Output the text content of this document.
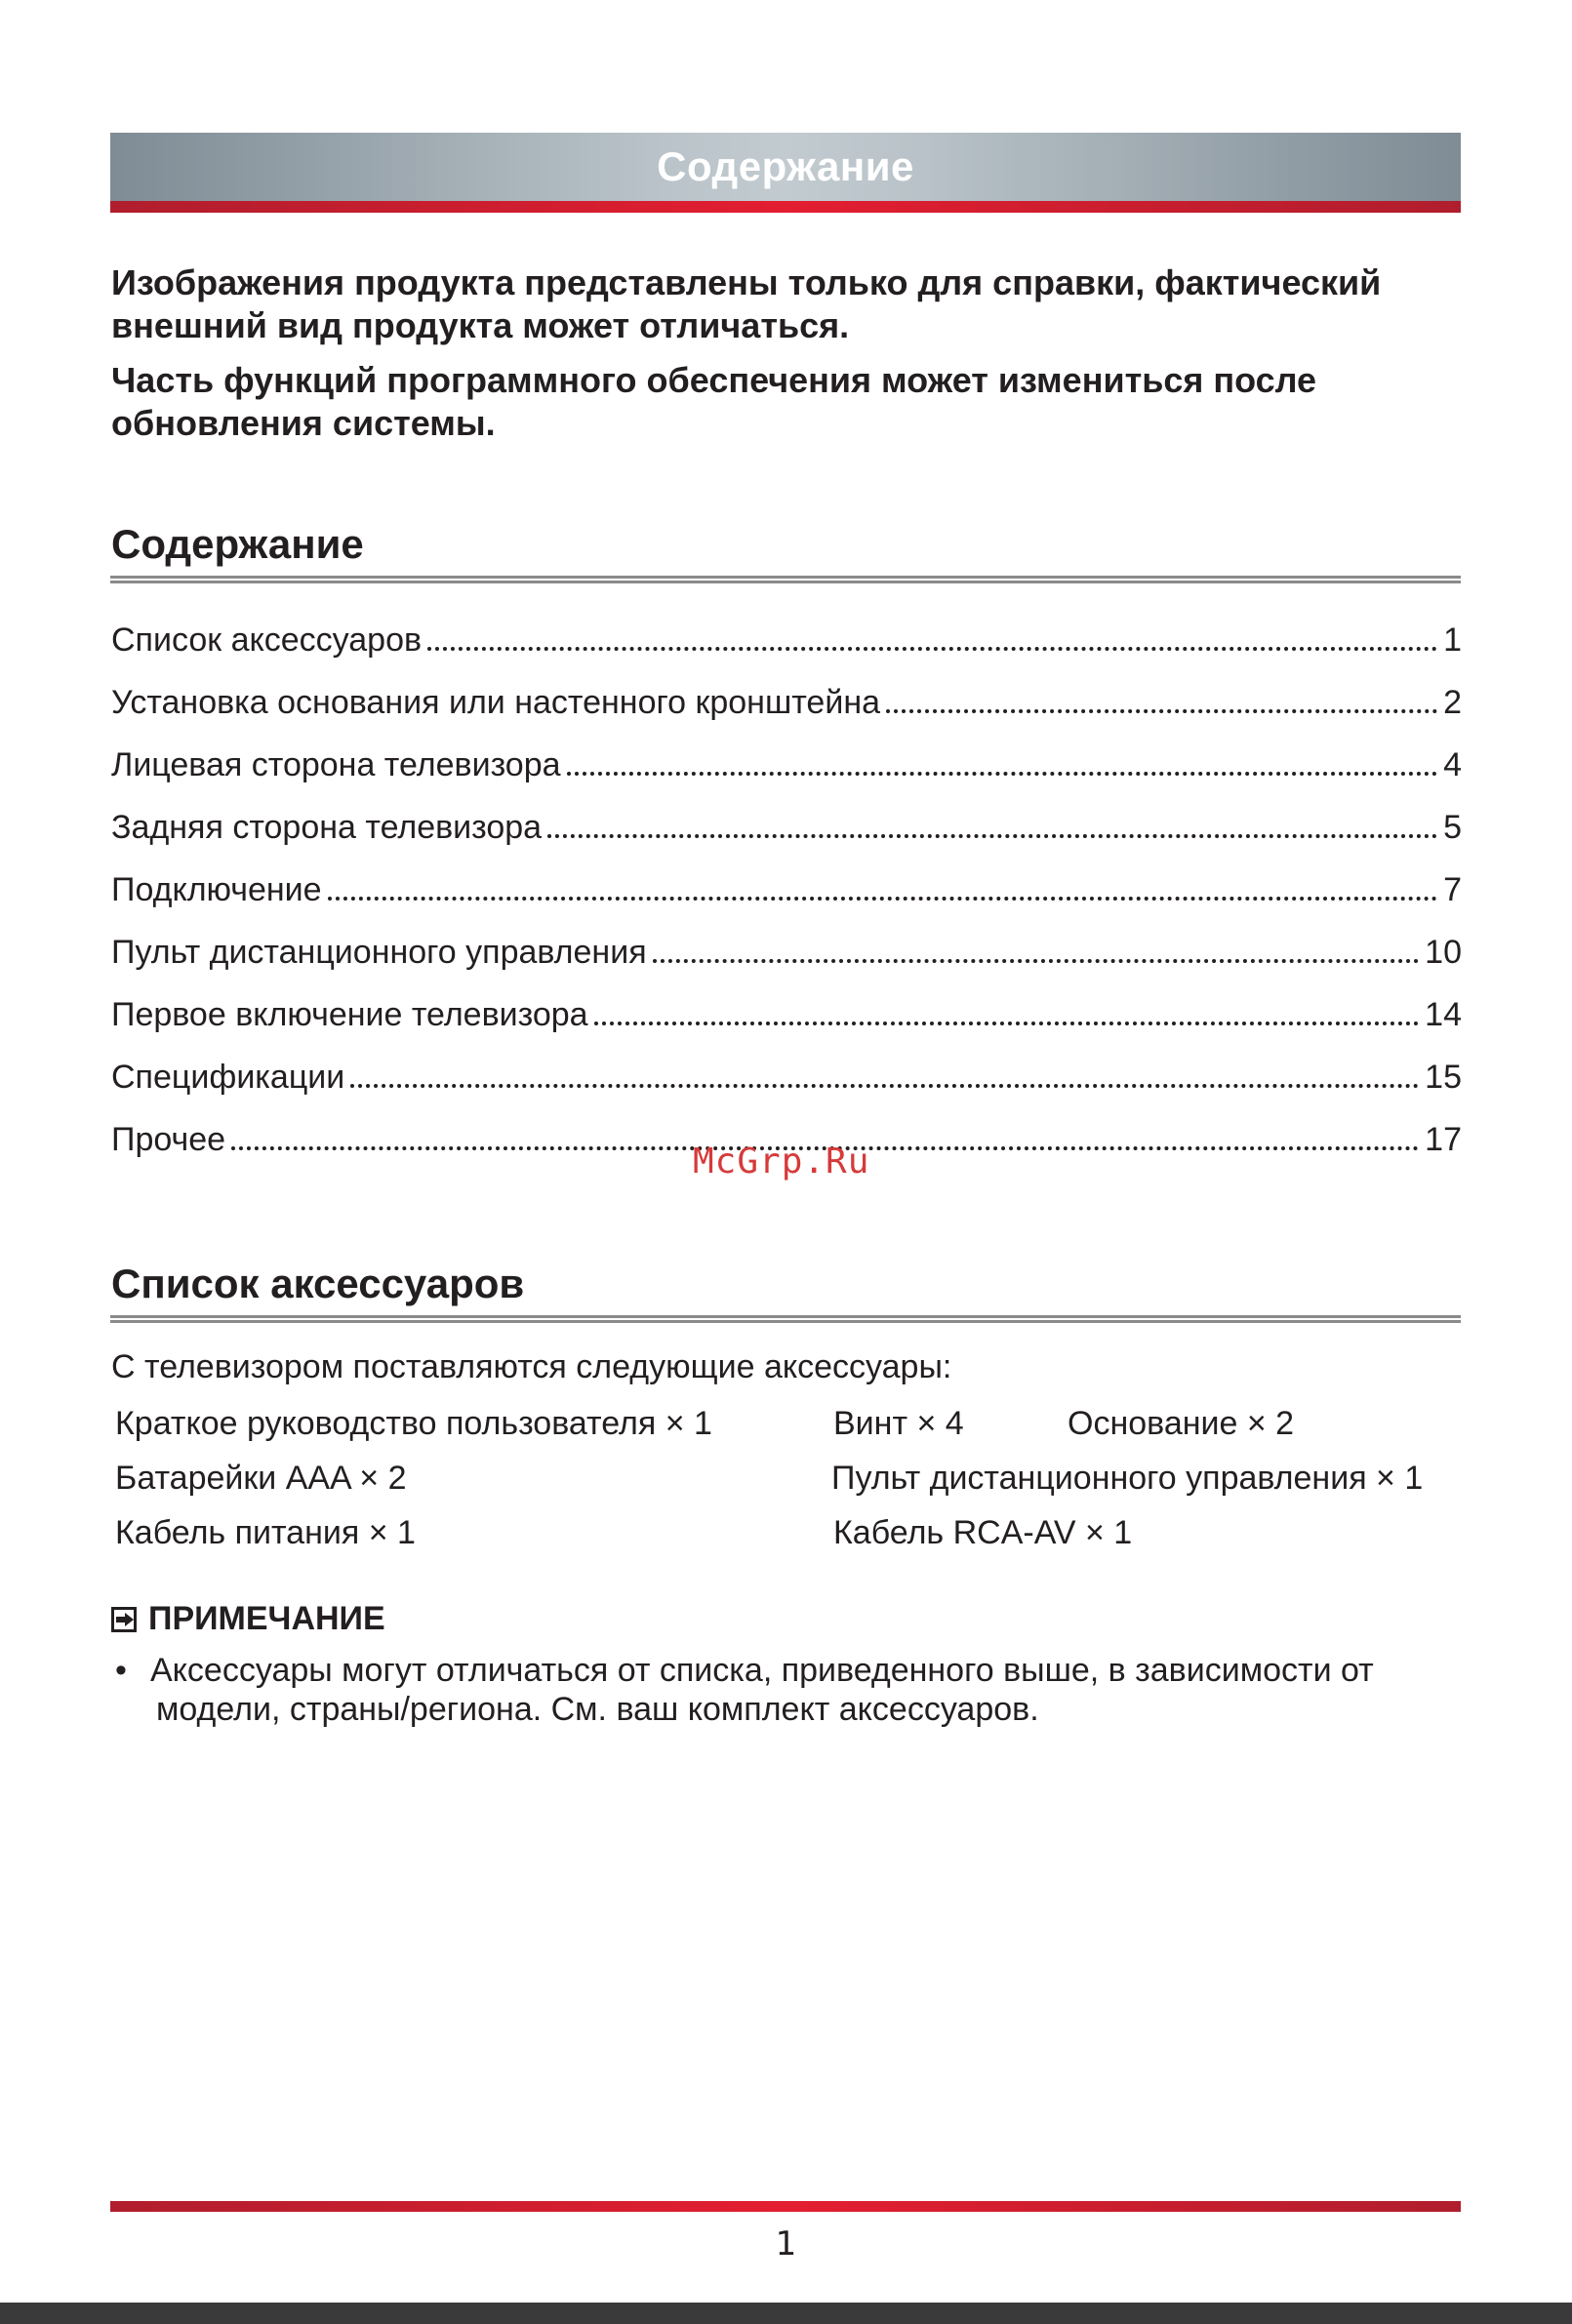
Содержание
Изображения продукта представлены только для справки, фактический внешний вид продукта может отличаться.
Часть функций программного обеспечения может измениться после обновления системы.
Содержание
Список аксессуаров	1
Установка основания или настенного кронштейна	2
Лицевая сторона телевизора	4
Задняя сторона телевизора	5
Подключение	7
Пульт дистанционного управления	10
Первое включение телевизора	14
Спецификации	15
Прочее	17
McGrp.Ru
Список аксессуаров
С телевизором поставляются следующие аксессуары:
Краткое руководство пользователя × 1	Винт × 4	Основание × 2
Батарейки AAA × 2	Пульт дистанционного управления × 1
Кабель питания × 1	Кабель RCA-AV × 1
ПРИМЕЧАНИЕ
• Аксессуары могут отличаться от списка, приведенного выше, в зависимости от
модели, страны/региона. См. ваш комплект аксессуаров.
1
